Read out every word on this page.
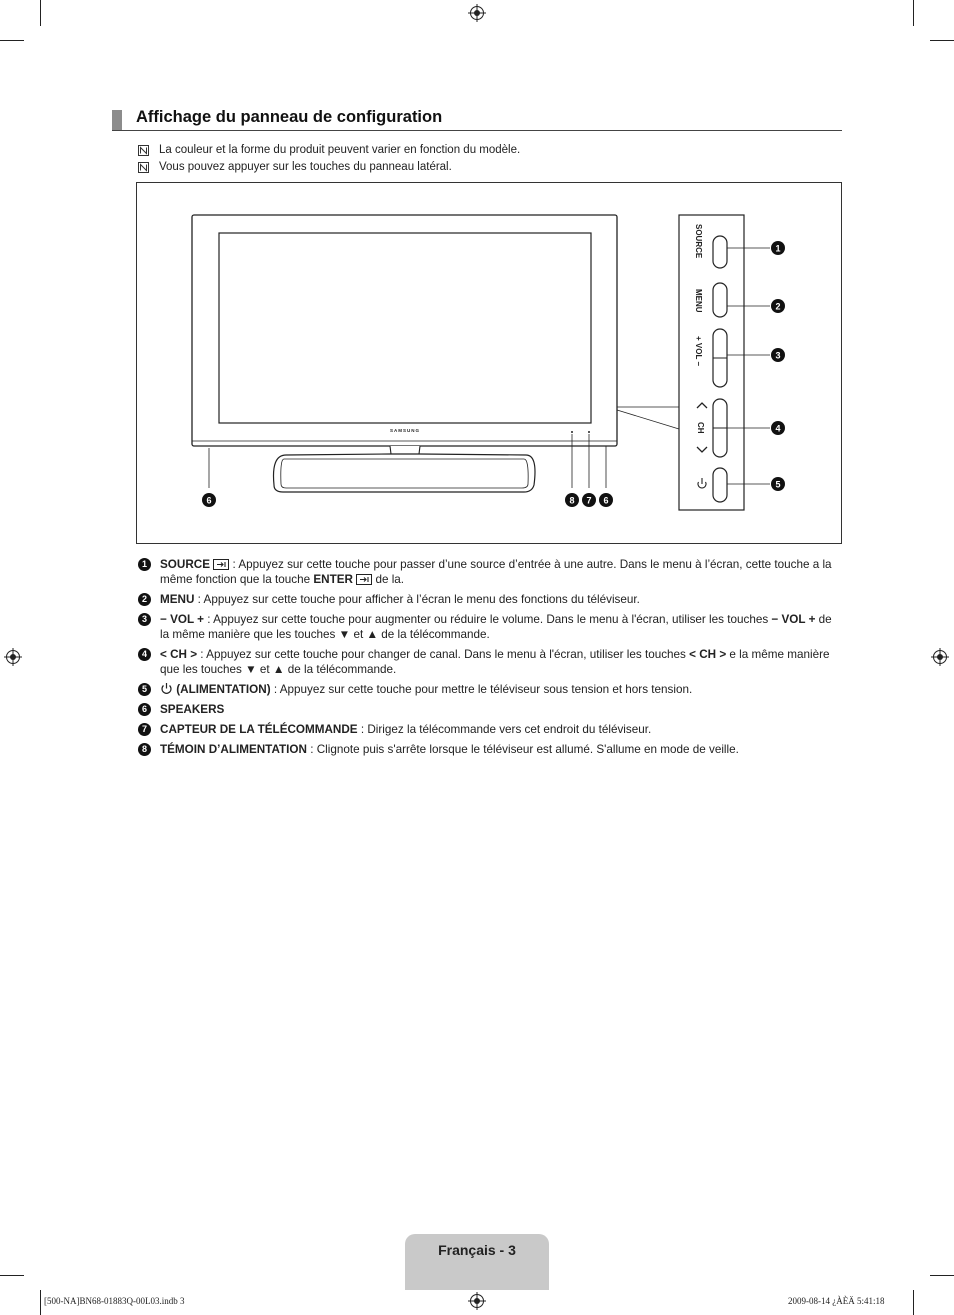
Affichage du panneau de configuration
La couleur et la forme du produit peuvent varier en fonction du modèle.
Vous pouvez appuyer sur les touches du panneau latéral.
SAMSUNG
SOURCE
MENU
+ VOL −
CH
1
2
3
4
5
6	8 7 6
1	SOURCE  : Appuyez sur cette touche pour passer d’une source d’entrée à une autre. Dans le menu à l’écran, cette touche a la même fonction que la touche ENTER  de la.
2	MENU : Appuyez sur cette touche pour afficher à l’écran le menu des fonctions du téléviseur.
3	− VOL + : Appuyez sur cette touche pour augmenter ou réduire le volume. Dans le menu à l'écran, utiliser les touches − VOL + de la même manière que les touches ▼ et ▲ de la télécommande.
4	< CH > : Appuyez sur cette touche pour changer de canal. Dans le menu à l'écran, utiliser les touches < CH > e la même manière que les touches ▼ et ▲ de la télécommande.
5	(ALIMENTATION) : Appuyez sur cette touche pour mettre le téléviseur sous tension et hors tension.
6	SPEAKERS
7	CAPTEUR DE LA TÉLÉCOMMANDE : Dirigez la télécommande vers cet endroit du téléviseur.
8	TÉMOIN D’ALIMENTATION : Clignote puis s'arrête lorsque le téléviseur est allumé. S'allume en mode de veille.
Français - 3
[500-NA]BN68-01883Q-00L03.indb 3	2009-08-14 ¿ÀÈÄ 5:41:18
